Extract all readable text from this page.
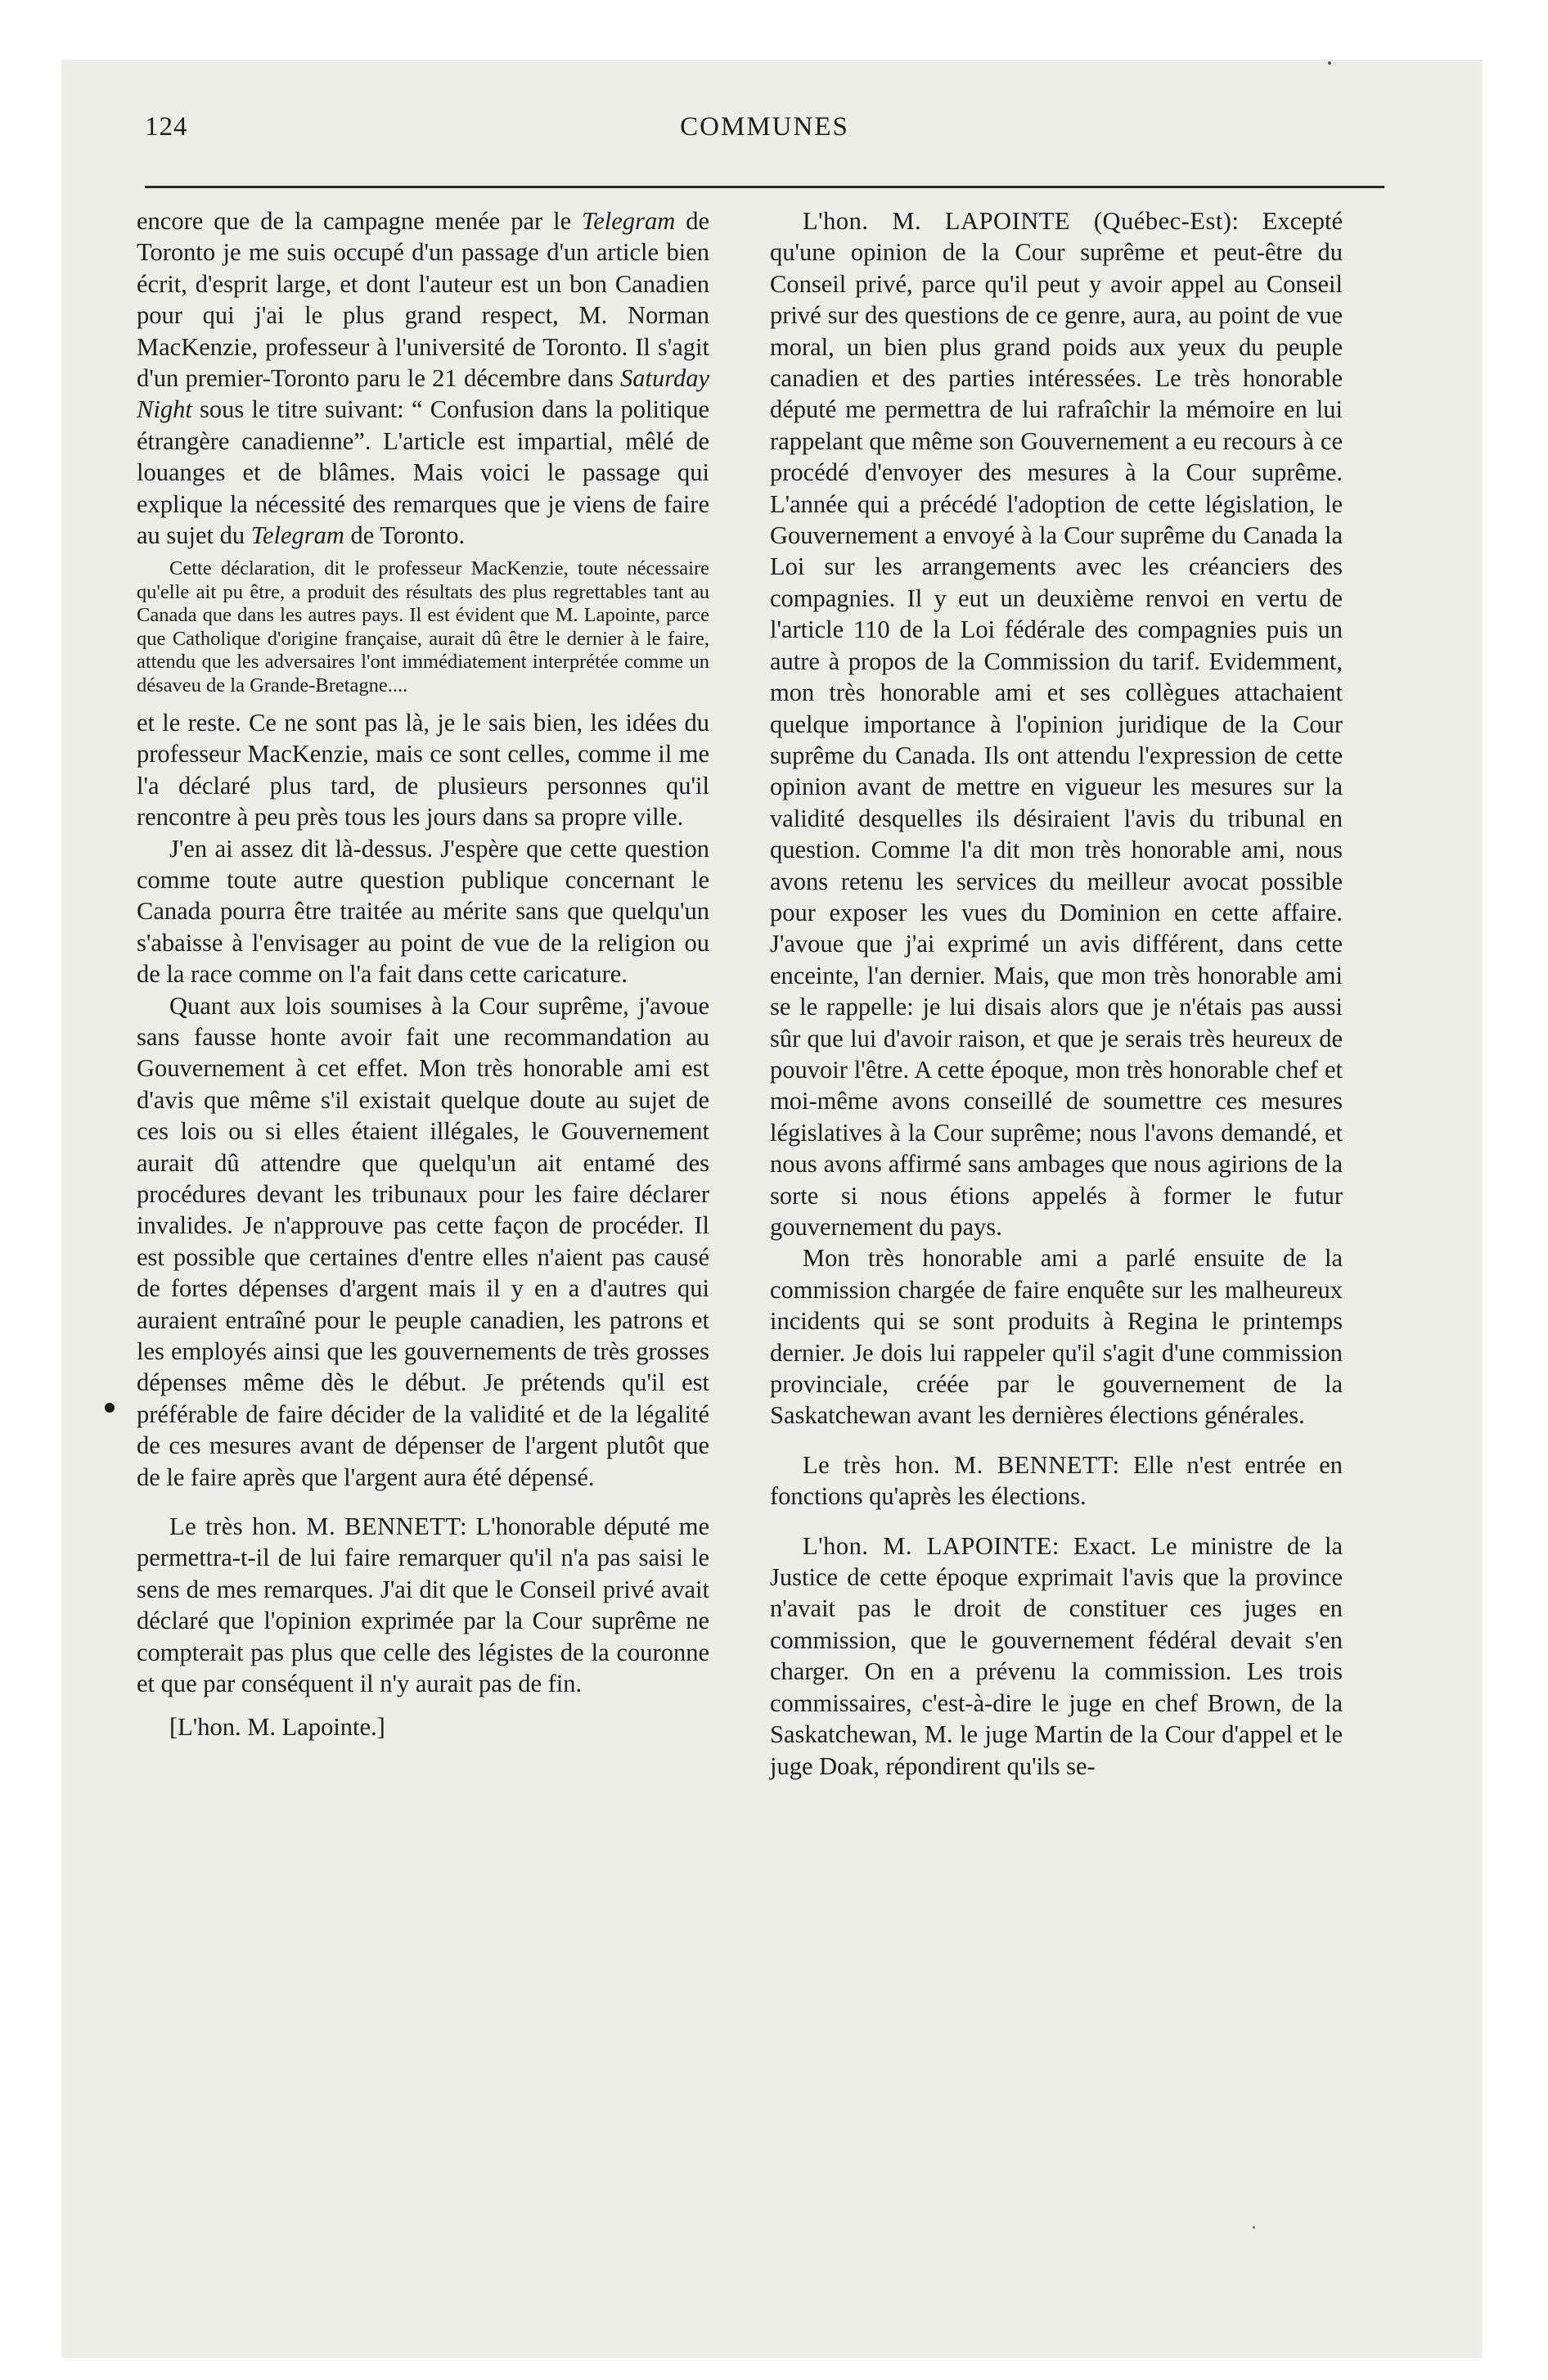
124	COMMUNES

encore que de la campagne menée par le Telegram de Toronto je me suis occupé d'un passage d'un article bien écrit, d'esprit large, et dont l'auteur est un bon Canadien pour qui j'ai le plus grand respect, M. Norman MacKenzie, professeur à l'université de Toronto. Il s'agit d'un premier-Toronto paru le 21 décembre dans Saturday Night sous le titre suivant: “ Confusion dans la politique étrangère canadienne”. L'article est impartial, mêlé de louanges et de blâmes. Mais voici le passage qui explique la nécessité des remarques que je viens de faire au sujet du Telegram de Toronto.

Cette déclaration, dit le professeur MacKenzie, toute nécessaire qu'elle ait pu être, a produit des résultats des plus regrettables tant au Canada que dans les autres pays. Il est évident que M. Lapointe, parce que Catholique d'origine française, aurait dû être le dernier à le faire, attendu que les adversaires l'ont immédiatement interprétée comme un désaveu de la Grande-Bretagne....

et le reste. Ce ne sont pas là, je le sais bien, les idées du professeur MacKenzie, mais ce sont celles, comme il me l'a déclaré plus tard, de plusieurs personnes qu'il rencontre à peu près tous les jours dans sa propre ville.

J'en ai assez dit là-dessus. J'espère que cette question comme toute autre question publique concernant le Canada pourra être traitée au mérite sans que quelqu'un s'abaisse à l'envisager au point de vue de la religion ou de la race comme on l'a fait dans cette caricature.

Quant aux lois soumises à la Cour suprême, j'avoue sans fausse honte avoir fait une recommandation au Gouvernement à cet effet. Mon très honorable ami est d'avis que même s'il existait quelque doute au sujet de ces lois ou si elles étaient illégales, le Gouvernement aurait dû attendre que quelqu'un ait entamé des procédures devant les tribunaux pour les faire déclarer invalides. Je n'approuve pas cette façon de procéder. Il est possible que certaines d'entre elles n'aient pas causé de fortes dépenses d'argent mais il y en a d'autres qui auraient entraîné pour le peuple canadien, les patrons et les employés ainsi que les gouvernements de très grosses dépenses même dès le début. Je prétends qu'il est préférable de faire décider de la validité et de la légalité de ces mesures avant de dépenser de l'argent plutôt que de le faire après que l'argent aura été dépensé.

Le très hon. M. BENNETT: L'honorable député me permettra-t-il de lui faire remarquer qu'il n'a pas saisi le sens de mes remarques. J'ai dit que le Conseil privé avait déclaré que l'opinion exprimée par la Cour suprême ne compterait pas plus que celle des légistes de la couronne et que par conséquent il n'y aurait pas de fin.

[L'hon. M. Lapointe.]

L'hon. M. LAPOINTE (Québec-Est): Excepté qu'une opinion de la Cour suprême et peut-être du Conseil privé, parce qu'il peut y avoir appel au Conseil privé sur des questions de ce genre, aura, au point de vue moral, un bien plus grand poids aux yeux du peuple canadien et des parties intéressées. Le très honorable député me permettra de lui rafraîchir la mémoire en lui rappelant que même son Gouvernement a eu recours à ce procédé d'envoyer des mesures à la Cour suprême. L'année qui a précédé l'adoption de cette législation, le Gouvernement a envoyé à la Cour suprême du Canada la Loi sur les arrangements avec les créanciers des compagnies. Il y eut un deuxième renvoi en vertu de l'article 110 de la Loi fédérale des compagnies puis un autre à propos de la Commission du tarif. Evidemment, mon très honorable ami et ses collègues attachaient quelque importance à l'opinion juridique de la Cour suprême du Canada. Ils ont attendu l'expression de cette opinion avant de mettre en vigueur les mesures sur la validité desquelles ils désiraient l'avis du tribunal en question. Comme l'a dit mon très honorable ami, nous avons retenu les services du meilleur avocat possible pour exposer les vues du Dominion en cette affaire. J'avoue que j'ai exprimé un avis différent, dans cette enceinte, l'an dernier. Mais, que mon très honorable ami se le rappelle: je lui disais alors que je n'étais pas aussi sûr que lui d'avoir raison, et que je serais très heureux de pouvoir l'être. A cette époque, mon très honorable chef et moi-même avons conseillé de soumettre ces mesures législatives à la Cour suprême; nous l'avons demandé, et nous avons affirmé sans ambages que nous agirions de la sorte si nous étions appelés à former le futur gouvernement du pays.

Mon très honorable ami a parlé ensuite de la commission chargée de faire enquête sur les malheureux incidents qui se sont produits à Regina le printemps dernier. Je dois lui rappeler qu'il s'agit d'une commission provinciale, créée par le gouvernement de la Saskatchewan avant les dernières élections générales.

Le très hon. M. BENNETT: Elle n'est entrée en fonctions qu'après les élections.

L'hon. M. LAPOINTE: Exact. Le ministre de la Justice de cette époque exprimait l'avis que la province n'avait pas le droit de constituer ces juges en commission, que le gouvernement fédéral devait s'en charger. On en a prévenu la commission. Les trois commissaires, c'est-à-dire le juge en chef Brown, de la Saskatchewan, M. le juge Martin de la Cour d'appel et le juge Doak, répondirent qu'ils se-
